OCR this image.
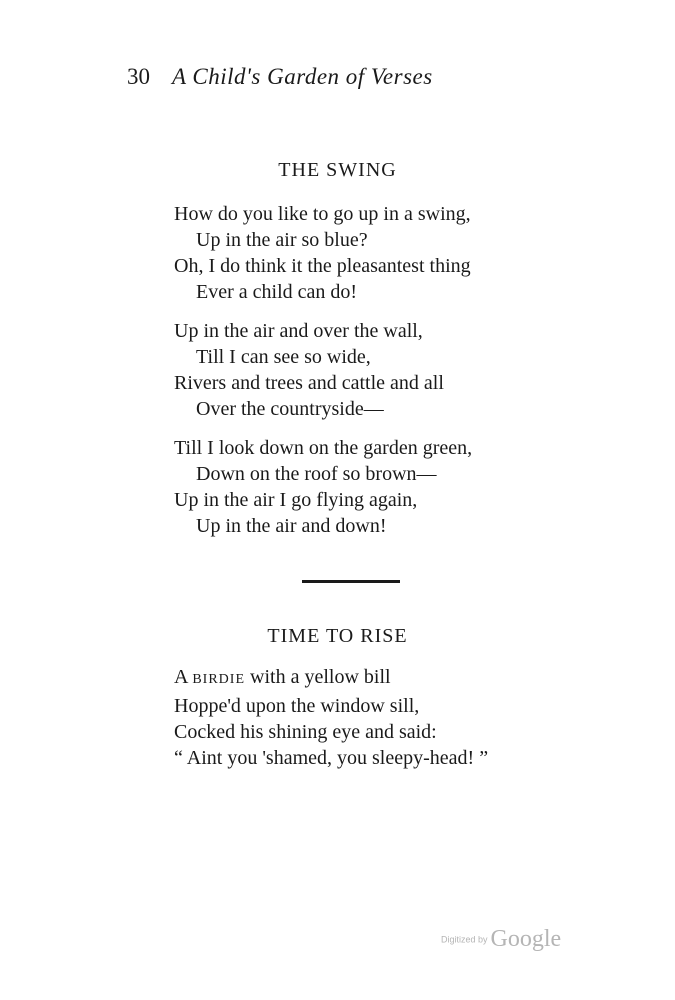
30 A Child's Garden of Verses
THE SWING
How do you like to go up in a swing,
Up in the air so blue?
Oh, I do think it the pleasantest thing
Ever a child can do!
Up in the air and over the wall,
Till I can see so wide,
Rivers and trees and cattle and all
Over the countryside—
Till I look down on the garden green,
Down on the roof so brown—
Up in the air I go flying again,
Up in the air and down!
TIME TO RISE
A BIRDIE with a yellow bill
Hoppe'd upon the window sill,
Cocked his shining eye and said:
“ Aint you 'shamed, you sleepy-head! ”
Digitized by Google
